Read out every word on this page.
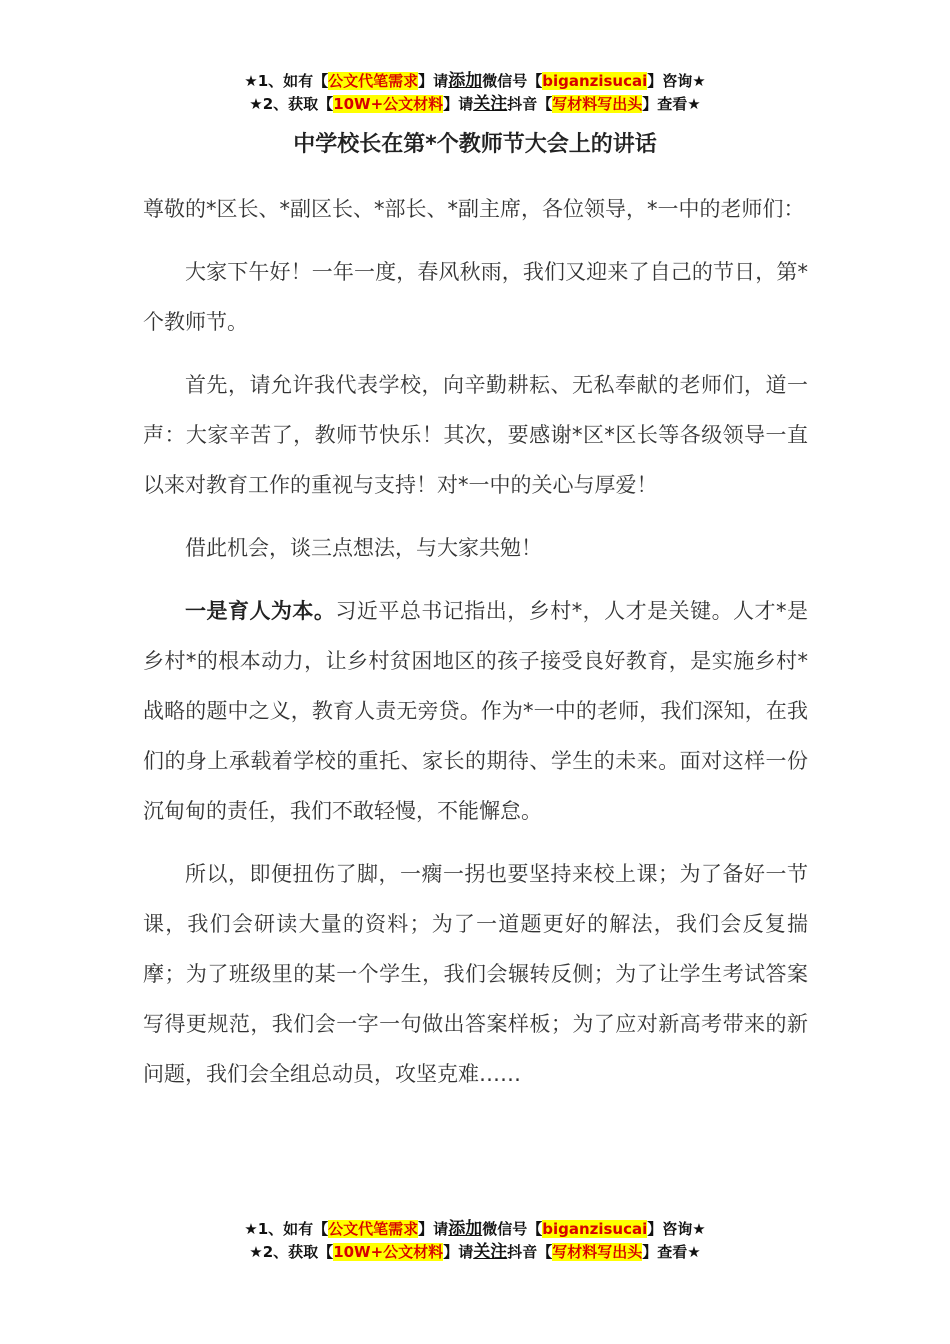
★1、如有【公文代笔需求】请添加微信号【biganzisucai】咨询★
★2、获取【10W+公文材料】请关注抖音【写材料写出头】查看★
中学校长在第*个教师节大会上的讲话

尊敬的*区长、*副区长、*部长、*副主席，各位领导，*一中的老师们：

大家下午好！一年一度，春风秋雨，我们又迎来了自己的节日，第*个教师节。

首先，请允许我代表学校，向辛勤耕耘、无私奉献的老师们，道一声：大家辛苦了，教师节快乐！其次，要感谢*区*区长等各级领导一直以来对教育工作的重视与支持！对*一中的关心与厚爱！

借此机会，谈三点想法，与大家共勉！

一是育人为本。习近平总书记指出，乡村*，人才是关键。人才*是乡村*的根本动力，让乡村贫困地区的孩子接受良好教育，是实施乡村*战略的题中之义，教育人责无旁贷。作为*一中的老师，我们深知，在我们的身上承载着学校的重托、家长的期待、学生的未来。面对这样一份沉甸甸的责任，我们不敢轻慢，不能懈怠。

所以，即便扭伤了脚，一瘸一拐也要坚持来校上课；为了备好一节课，我们会研读大量的资料；为了一道题更好的解法，我们会反复揣摩；为了班级里的某一个学生，我们会辗转反侧；为了让学生考试答案写得更规范，我们会一字一句做出答案样板；为了应对新高考带来的新问题，我们会全组总动员，攻坚克难……

★1、如有【公文代笔需求】请添加微信号【biganzisucai】咨询★
★2、获取【10W+公文材料】请关注抖音【写材料写出头】查看★
